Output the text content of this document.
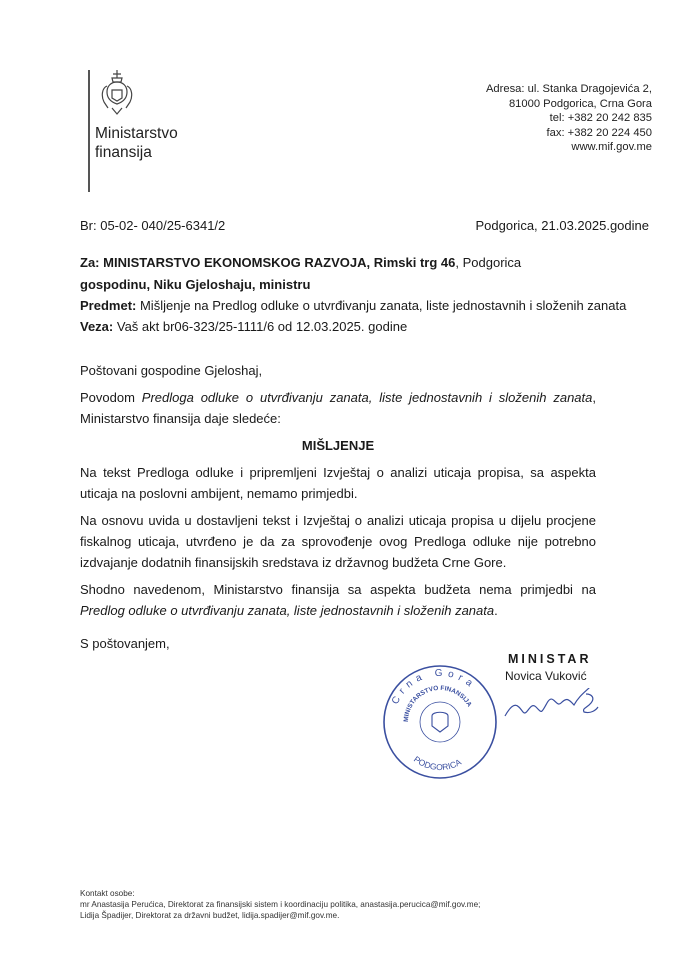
Ministarstvo
finansija
Adresa: ul. Stanka Dragojevića 2,
81000 Podgorica, Crna Gora
tel: +382 20 242 835
fax: +382 20 224 450
www.mif.gov.me
Br: 05-02- 040/25-6341/2	Podgorica, 21.03.2025.godine
Za: MINISTARSTVO EKONOMSKOG RAZVOJA, Rimski trg 46, Podgorica
gospodinu, Niku Gjeloshaju, ministru
Predmet: Mišljenje na Predlog odluke o utvrđivanju zanata, liste jednostavnih i složenih zanata
Veza: Vaš akt br06-323/25-1111/6 od 12.03.2025. godine
Poštovani gospodine Gjeloshaj,
Povodom Predloga odluke o utvrđivanju zanata, liste jednostavnih i složenih zanata, Ministarstvo finansija daje sledeće:
MIŠLJENJE
Na tekst Predloga odluke i pripremljeni Izvještaj o analizi uticaja propisa, sa aspekta uticaja na poslovni ambijent, nemamo primjedbi.
Na osnovu uvida u dostavljeni tekst i Izvještaj o analizi uticaja propisa u dijelu procjene fiskalnog uticaja, utvrđeno je da za sprovođenje ovog Predloga odluke nije potrebno izdvajanje dodatnih finansijskih sredstava iz državnog budžeta Crne Gore.
Shodno navedenom, Ministarstvo finansija sa aspekta budžeta nema primjedbi na Predlog odluke o utvrđivanju zanata, liste jednostavnih i složenih zanata.
S poštovanjem,
MINISTAR
Novica Vuković
Crna Gora
MINISTARSTVO FINANSIJA
PODGORICA
Kontakt osobe:
mr Anastasija Perućica, Direktorat za finansijski sistem i koordinaciju politika, anastasija.perucica@mif.gov.me;
Lidija Špadijer, Direktorat za državni budžet, lidija.spadijer@mif.gov.me.
